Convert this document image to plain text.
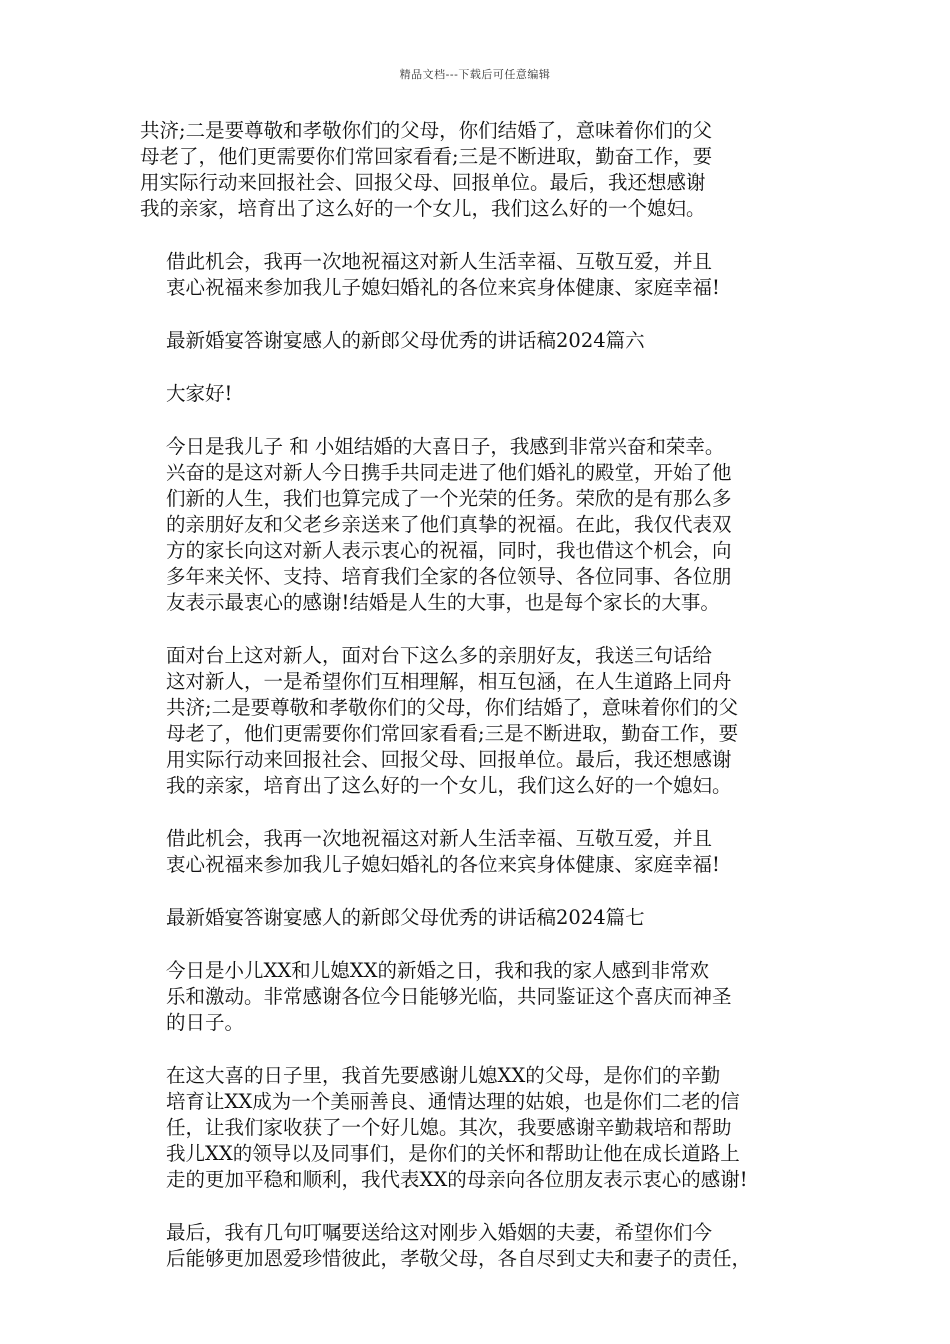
精品文档---下载后可任意编辑
共济;二是要尊敬和孝敬你们的父母，你们结婚了，意味着你们的父
母老了，他们更需要你们常回家看看;三是不断进取，勤奋工作，要
用实际行动来回报社会、回报父母、回报单位。最后，我还想感谢
我的亲家，培育出了这么好的一个女儿，我们这么好的一个媳妇。
借此机会，我再一次地祝福这对新人生活幸福、互敬互爱，并且
衷心祝福来参加我儿子媳妇婚礼的各位来宾身体健康、家庭幸福!
最新婚宴答谢宴感人的新郎父母优秀的讲话稿2024篇六
大家好!
今日是我儿子 和 小姐结婚的大喜日子，我感到非常兴奋和荣幸。
兴奋的是这对新人今日携手共同走进了他们婚礼的殿堂，开始了他
们新的人生，我们也算完成了一个光荣的任务。荣欣的是有那么多
的亲朋好友和父老乡亲送来了他们真挚的祝福。在此，我仅代表双
方的家长向这对新人表示衷心的祝福，同时，我也借这个机会，向
多年来关怀、支持、培育我们全家的各位领导、各位同事、各位朋
友表示最衷心的感谢!结婚是人生的大事，也是每个家长的大事。
面对台上这对新人，面对台下这么多的亲朋好友，我送三句话给
这对新人，一是希望你们互相理解，相互包涵，在人生道路上同舟
共济;二是要尊敬和孝敬你们的父母，你们结婚了，意味着你们的父
母老了，他们更需要你们常回家看看;三是不断进取，勤奋工作，要
用实际行动来回报社会、回报父母、回报单位。最后，我还想感谢
我的亲家，培育出了这么好的一个女儿，我们这么好的一个媳妇。
借此机会，我再一次地祝福这对新人生活幸福、互敬互爱，并且
衷心祝福来参加我儿子媳妇婚礼的各位来宾身体健康、家庭幸福!
最新婚宴答谢宴感人的新郎父母优秀的讲话稿2024篇七
今日是小儿XX和儿媳XX的新婚之日，我和我的家人感到非常欢
乐和激动。非常感谢各位今日能够光临，共同鉴证这个喜庆而神圣
的日子。
在这大喜的日子里，我首先要感谢儿媳XX的父母，是你们的辛勤
培育让XX成为一个美丽善良、通情达理的姑娘，也是你们二老的信
任，让我们家收获了一个好儿媳。其次，我要感谢辛勤栽培和帮助
我儿XX的领导以及同事们，是你们的关怀和帮助让他在成长道路上
走的更加平稳和顺利，我代表XX的母亲向各位朋友表示衷心的感谢!
最后，我有几句叮嘱要送给这对刚步入婚姻的夫妻，希望你们今
后能够更加恩爱珍惜彼此，孝敬父母，各自尽到丈夫和妻子的责任，
